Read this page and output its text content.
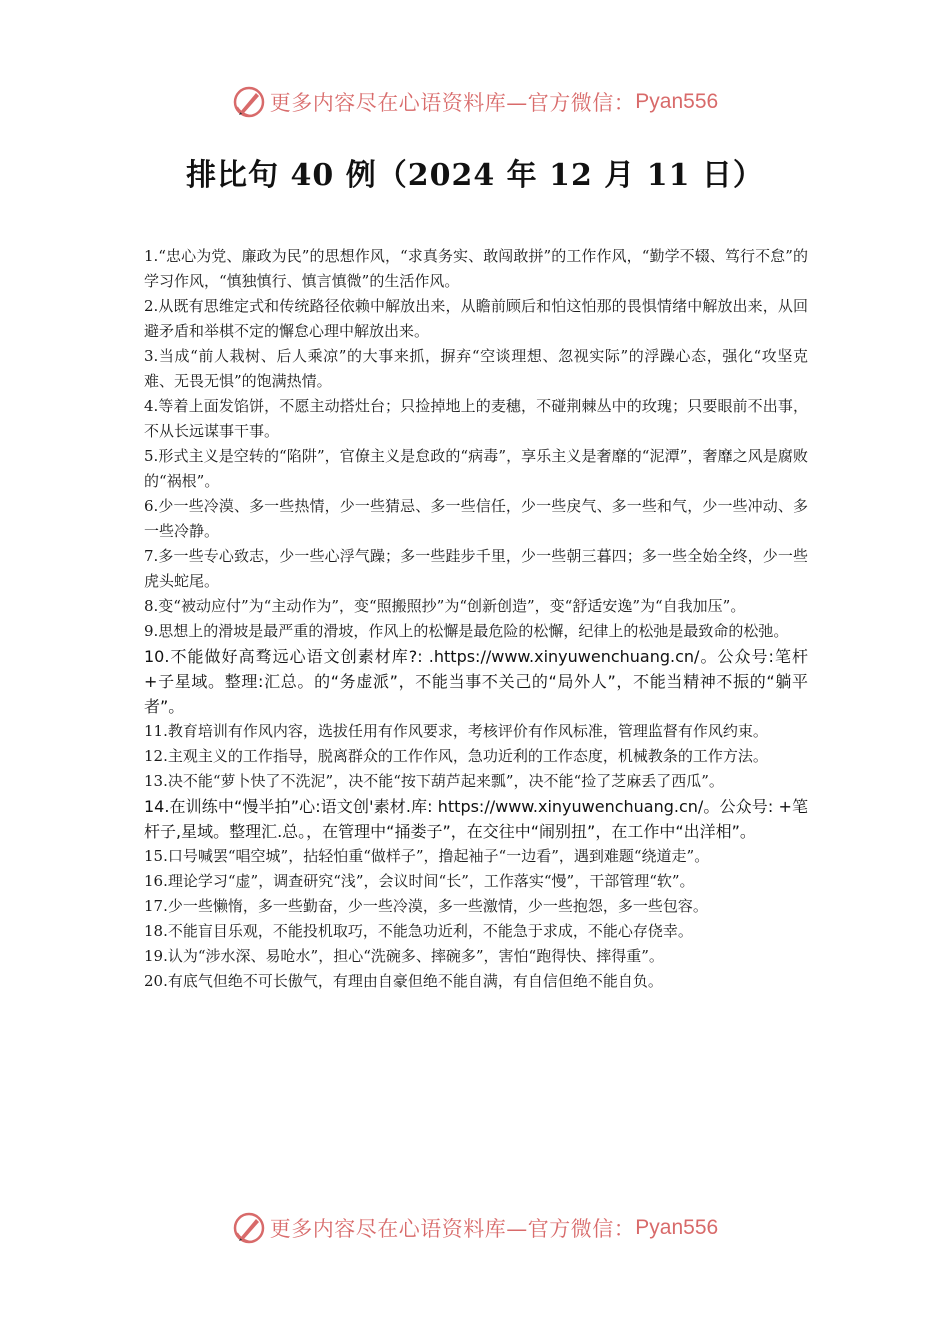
更多内容尽在心语资料库—官方微信： Pyan556
排比句 40 例（2024 年 12 月 11 日）

1.“忠心为党、廉政为民”的思想作风，“求真务实、敢闯敢拼”的工作作风，“勤学不辍、笃行不怠”的学习作风，“慎独慎行、慎言慎微”的生活作风。

2.从既有思维定式和传统路径依赖中解放出来，从瞻前顾后和怕这怕那的畏惧情绪中解放出来，从回避矛盾和举棋不定的懈怠心理中解放出来。

3.当成“前人栽树、后人乘凉”的大事来抓，摒弃“空谈理想、忽视实际”的浮躁心态，强化“攻坚克难、无畏无惧”的饱满热情。

4.等着上面发馅饼，不愿主动搭灶台；只捡掉地上的麦穗，不碰荆棘丛中的玫瑰；只要眼前不出事，不从长远谋事干事。

5.形式主义是空转的“陷阱”，官僚主义是怠政的“病毒”，享乐主义是奢靡的“泥潭”，奢靡之风是腐败的“祸根”。

6.少一些冷漠、多一些热情，少一些猜忌、多一些信任，少一些戾气、多一些和气，少一些冲动、多一些冷静。

7.多一些专心致志，少一些心浮气躁；多一些跬步千里，少一些朝三暮四；多一些全始全终，少一些虎头蛇尾。

8.变“被动应付”为“主动作为”，变“照搬照抄”为“创新创造”，变“舒适安逸”为“自我加压”。

9.思想上的滑坡是最严重的滑坡，作风上的松懈是最危险的松懈，纪律上的松弛是最致命的松弛。

10.不能做好高骛远心语文创素材库?: .https://www.xinyuwenchuang.cn/。公众号:笔杆+子星域。整理:汇总。的“务虚派”，不能当事不关己的“局外人”，不能当精神不振的“躺平者”。

11.教育培训有作风内容，选拔任用有作风要求，考核评价有作风标准，管理监督有作风约束。

12.主观主义的工作指导，脱离群众的工作作风，急功近利的工作态度，机械教条的工作方法。

13.决不能“萝卜快了不洗泥”，决不能“按下葫芦起来瓢”，决不能“捡了芝麻丢了西瓜”。

14.在训练中“慢半拍”心:语文创'素材.库: https://www.xinyuwenchuang.cn/。公众号: +笔杆子,星域。整理汇.总。，在管理中“捅娄子”，在交往中“闹别扭”，在工作中“出洋相”。

15.口号喊罢“唱空城”，拈轻怕重“做样子”，撸起袖子“一边看”，遇到难题“绕道走”。

16.理论学习“虚”，调查研究“浅”，会议时间“长”，工作落实“慢”，干部管理“软”。

17.少一些懒惰，多一些勤奋，少一些冷漠，多一些激情，少一些抱怨，多一些包容。

18.不能盲目乐观，不能投机取巧，不能急功近利，不能急于求成，不能心存侥幸。

19.认为“涉水深、易呛水”，担心“洗碗多、摔碗多”，害怕“跑得快、摔得重”。

20.有底气但绝不可长傲气，有理由自豪但绝不能自满，有自信但绝不能自负。

更多内容尽在心语资料库—官方微信： Pyan556
